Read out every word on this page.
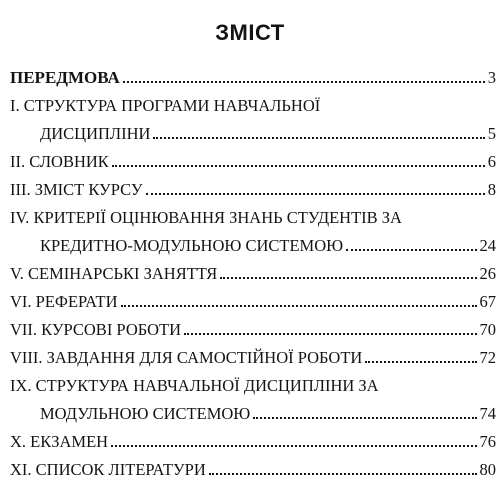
ЗМІСТ
ПЕРЕДМОВА	3
I. СТРУКТУРА ПРОГРАМИ НАВЧАЛЬНОЇ
ДИСЦИПЛІНИ	5
II. СЛОВНИК	6
III. ЗМІСТ КУРСУ	8
IV. КРИТЕРІЇ ОЦІНЮВАННЯ ЗНАНЬ СТУДЕНТІВ ЗА
КРЕДИТНО-МОДУЛЬНОЮ СИСТЕМОЮ	24
V. СЕМІНАРСЬКІ ЗАНЯТТЯ	26
VI. РЕФЕРАТИ	67
VII. КУРСОВІ РОБОТИ	70
VIII. ЗАВДАННЯ ДЛЯ САМОСТІЙНОЇ РОБОТИ	72
IX. СТРУКТУРА НАВЧАЛЬНОЇ ДИСЦИПЛІНИ ЗА
МОДУЛЬНОЮ СИСТЕМОЮ	74
X. ЕКЗАМЕН	76
XI. СПИСОК ЛІТЕРАТУРИ	80
